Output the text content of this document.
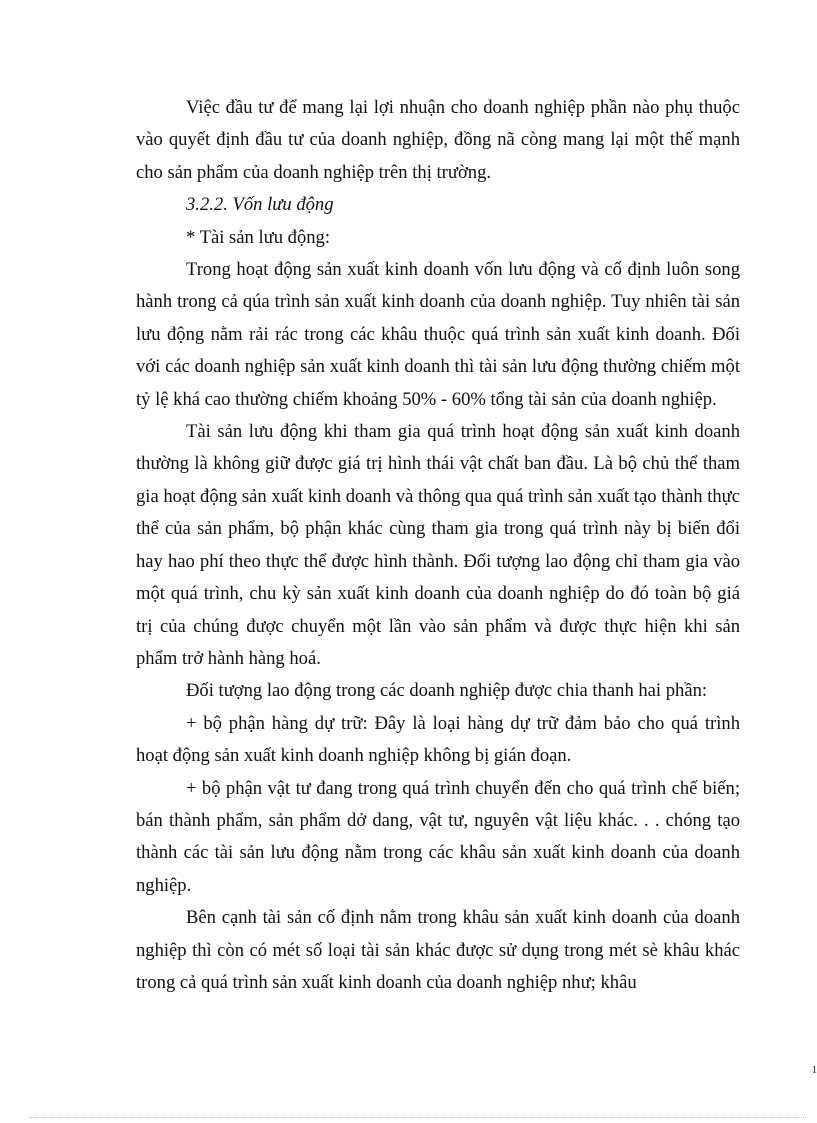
Việc đầu tư để mang lại lợi nhuận cho doanh nghiệp phần nào phụ thuộc vào quyết định đầu tư của doanh nghiệp, đồng nã còng mang lại một thế mạnh cho sản phẩm của doanh nghiệp trên thị trường.

3.2.2. Vốn lưu động

* Tài sản lưu động:

Trong hoạt động sản xuất kinh doanh vốn lưu động và cố định luôn song hành trong cả qúa trình sản xuất kinh doanh của doanh nghiệp. Tuy nhiên tài sản lưu động nằm rải rác trong các khâu thuộc quá trình sản xuất kinh doanh. Đối với các doanh nghiệp sản xuất kinh doanh thì tài sản lưu động thường chiếm một tỷ lệ khá cao thường chiếm khoảng 50% - 60% tổng tài sản của doanh nghiệp.

Tài sản lưu động khi tham gia quá trình hoạt động sản xuất kinh doanh thường là không giữ được giá trị hình thái vật chất ban đầu. Là bộ chủ thể tham gia hoạt động sản xuất kinh doanh và thông qua quá trình sản xuất tạo thành thực thể của sản phẩm, bộ phận khác cùng tham gia trong quá trình này bị biến đổi hay hao phí theo thực thể được hình thành. Đối tượng lao động chỉ tham gia vào một quá trình, chu kỳ sản xuất kinh doanh của doanh nghiệp do đó toàn bộ giá trị của chúng được chuyển một lần vào sản phẩm và được thực hiện khi sản phẩm trở hành hàng hoá.

Đối tượng lao động trong các doanh nghiệp được chia thanh hai phần:

+ bộ phận hàng dự trữ: Đây là loại hàng dự trữ đảm bảo cho quá trình hoạt động sản xuất kinh doanh nghiệp không bị gián đoạn.

+ bộ phận vật tư đang trong quá trình chuyển đến cho quá trình chế biến; bán thành phẩm, sản phẩm dở dang, vật tư, nguyên vật liệu khác. . . chóng tạo thành các tài sản lưu động nằm trong các khâu sản xuất kinh doanh của doanh nghiệp.

Bên cạnh tài sản cố định nằm trong khâu sản xuất kinh doanh của doanh nghiệp thì còn có mét số loại tài sản khác được sử dụng trong mét sè khâu khác trong cả quá trình sản xuất kinh doanh của doanh nghiệp như; khâu

1
